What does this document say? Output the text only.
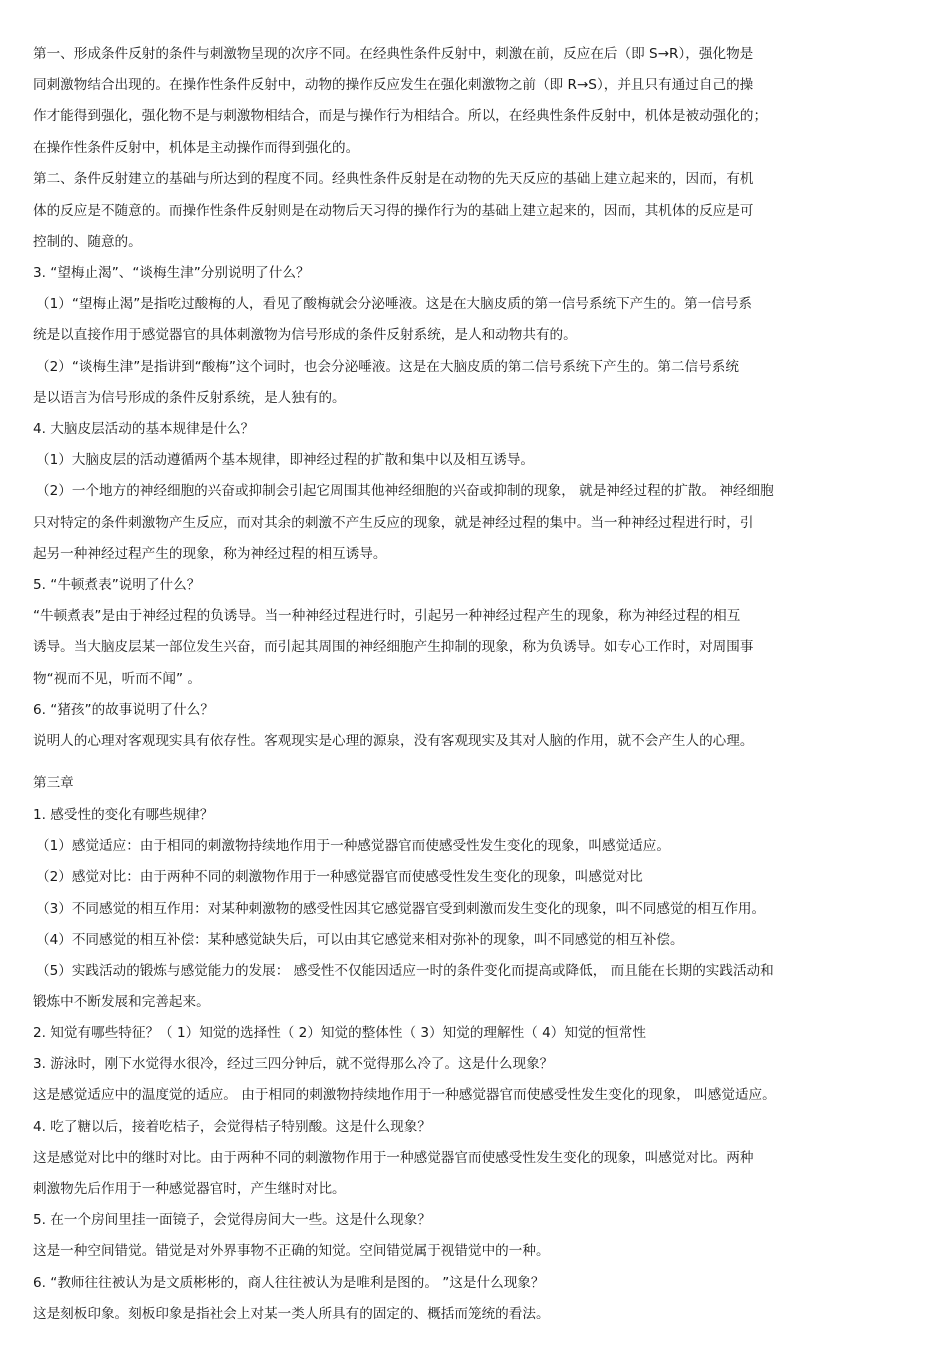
第一、形成条件反射的条件与刺激物呈现的次序不同。在经典性条件反射中，刺激在前，反应在后（即 S→R），强化物是
同刺激物结合出现的。在操作性条件反射中，动物的操作反应发生在强化刺激物之前（即 R→S），并且只有通过自己的操
作才能得到强化，强化物不是与刺激物相结合，而是与操作行为相结合。所以，在经典性条件反射中，机体是被动强化的；
在操作性条件反射中，机体是主动操作而得到强化的。
第二、条件反射建立的基础与所达到的程度不同。经典性条件反射是在动物的先天反应的基础上建立起来的，因而，有机
体的反应是不随意的。而操作性条件反射则是在动物后天习得的操作行为的基础上建立起来的，因而，其机体的反应是可
控制的、随意的。
3. “望梅止渴”、“谈梅生津”分别说明了什么？
（1）“望梅止渴”是指吃过酸梅的人，看见了酸梅就会分泌唾液。这是在大脑皮质的第一信号系统下产生的。第一信号系
统是以直接作用于感觉器官的具体刺激物为信号形成的条件反射系统，是人和动物共有的。
（2）“谈梅生津”是指讲到“酸梅”这个词时，也会分泌唾液。这是在大脑皮质的第二信号系统下产生的。第二信号系统
是以语言为信号形成的条件反射系统，是人独有的。
4. 大脑皮层活动的基本规律是什么？
（1）大脑皮层的活动遵循两个基本规律，即神经过程的扩散和集中以及相互诱导。
（2）一个地方的神经细胞的兴奋或抑制会引起它周围其他神经细胞的兴奋或抑制的现象， 就是神经过程的扩散。 神经细胞
只对特定的条件刺激物产生反应，而对其余的刺激不产生反应的现象，就是神经过程的集中。当一种神经过程进行时，引
起另一种神经过程产生的现象，称为神经过程的相互诱导。
5. “牛顿煮表”说明了什么？
“牛顿煮表”是由于神经过程的负诱导。当一种神经过程进行时，引起另一种神经过程产生的现象，称为神经过程的相互
诱导。当大脑皮层某一部位发生兴奋，而引起其周围的神经细胞产生抑制的现象，称为负诱导。如专心工作时，对周围事
物“视而不见，听而不闻” 。
6. “猪孩”的故事说明了什么？
说明人的心理对客观现实具有依存性。客观现实是心理的源泉，没有客观现实及其对人脑的作用，就不会产生人的心理。
第三章
1. 感受性的变化有哪些规律？
（1）感觉适应：由于相同的刺激物持续地作用于一种感觉器官而使感受性发生变化的现象，叫感觉适应。
（2）感觉对比：由于两种不同的刺激物作用于一种感觉器官而使感受性发生变化的现象，叫感觉对比
（3）不同感觉的相互作用：对某种刺激物的感受性因其它感觉器官受到刺激而发生变化的现象，叫不同感觉的相互作用。
（4）不同感觉的相互补偿：某种感觉缺失后，可以由其它感觉来相对弥补的现象，叫不同感觉的相互补偿。
（5）实践活动的锻炼与感觉能力的发展： 感受性不仅能因适应一时的条件变化而提高或降低， 而且能在长期的实践活动和
锻炼中不断发展和完善起来。
2. 知觉有哪些特征？（ 1）知觉的选择性（ 2）知觉的整体性（ 3）知觉的理解性（ 4）知觉的恒常性
3. 游泳时，刚下水觉得水很冷，经过三四分钟后，就不觉得那么冷了。这是什么现象？
这是感觉适应中的温度觉的适应。 由于相同的刺激物持续地作用于一种感觉器官而使感受性发生变化的现象， 叫感觉适应。
4. 吃了糖以后，接着吃桔子，会觉得桔子特别酸。这是什么现象？
这是感觉对比中的继时对比。由于两种不同的刺激物作用于一种感觉器官而使感受性发生变化的现象，叫感觉对比。两种
刺激物先后作用于一种感觉器官时，产生继时对比。
5. 在一个房间里挂一面镜子，会觉得房间大一些。这是什么现象？
这是一种空间错觉。错觉是对外界事物不正确的知觉。空间错觉属于视错觉中的一种。
6. “教师往往被认为是文质彬彬的，商人往往被认为是唯利是图的。 ”这是什么现象？
这是刻板印象。刻板印象是指社会上对某一类人所具有的固定的、概括而笼统的看法。
